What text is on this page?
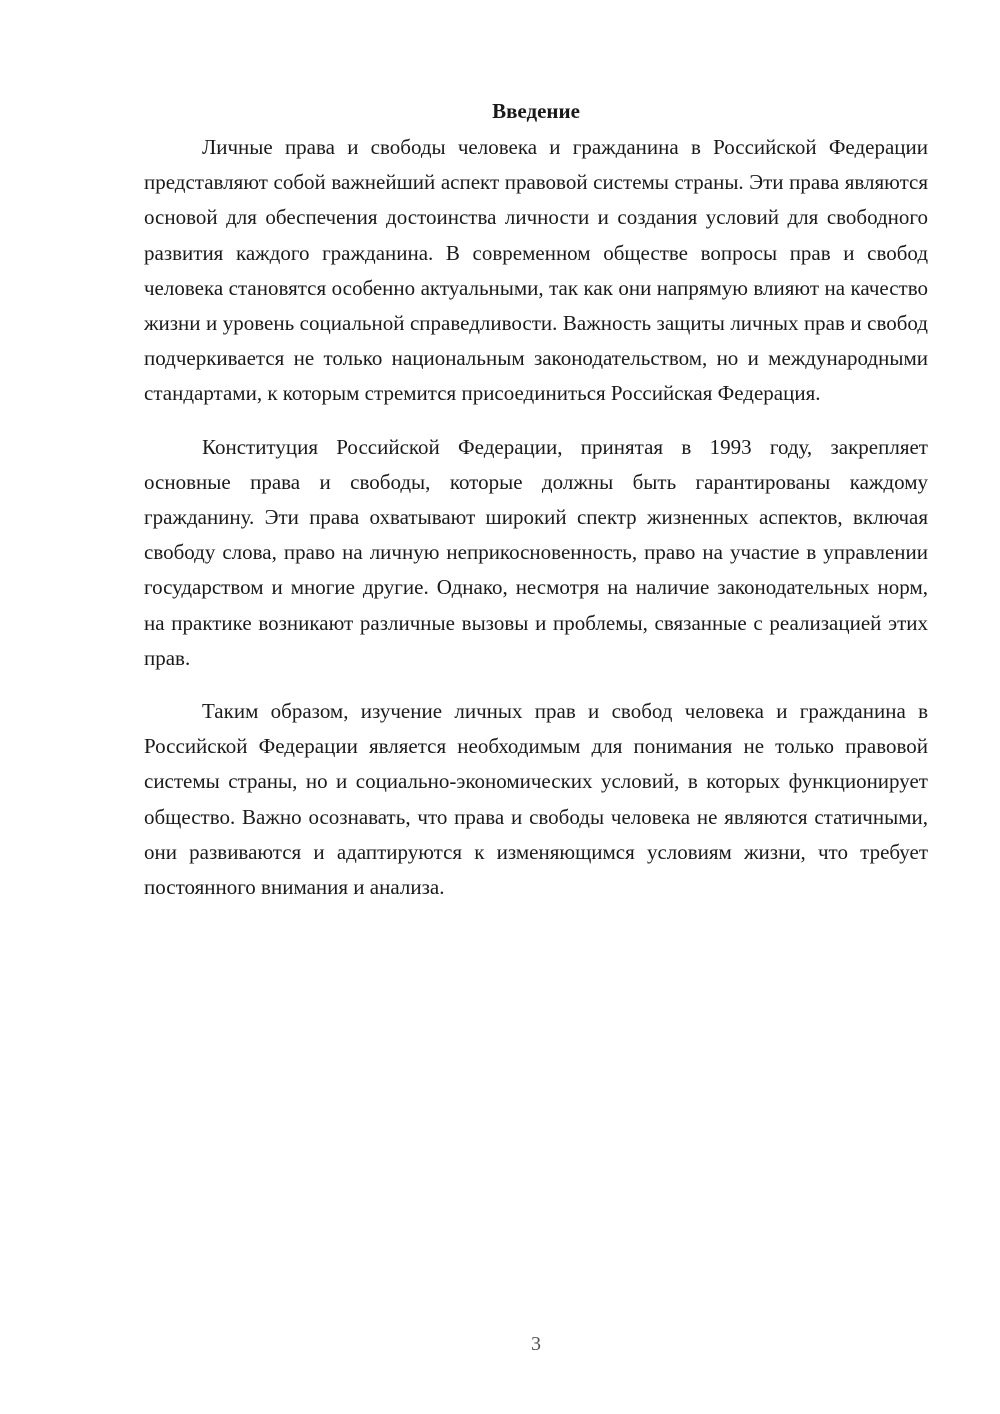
Введение

Личные права и свободы человека и гражданина в Российской Федерации представляют собой важнейший аспект правовой системы страны. Эти права являются основой для обеспечения достоинства личности и создания условий для свободного развития каждого гражданина. В современном обществе вопросы прав и свобод человека становятся особенно актуальными, так как они напрямую влияют на качество жизни и уровень социальной справедливости. Важность защиты личных прав и свобод подчеркивается не только национальным законодательством, но и международными стандартами, к которым стремится присоединиться Российская Федерация.

Конституция Российской Федерации, принятая в 1993 году, закрепляет основные права и свободы, которые должны быть гарантированы каждому гражданину. Эти права охватывают широкий спектр жизненных аспектов, включая свободу слова, право на личную неприкосновенность, право на участие в управлении государством и многие другие. Однако, несмотря на наличие законодательных норм, на практике возникают различные вызовы и проблемы, связанные с реализацией этих прав.

Таким образом, изучение личных прав и свобод человека и гражданина в Российской Федерации является необходимым для понимания не только правовой системы страны, но и социально-экономических условий, в которых функционирует общество. Важно осознавать, что права и свободы человека не являются статичными, они развиваются и адаптируются к изменяющимся условиям жизни, что требует постоянного внимания и анализа.

3
